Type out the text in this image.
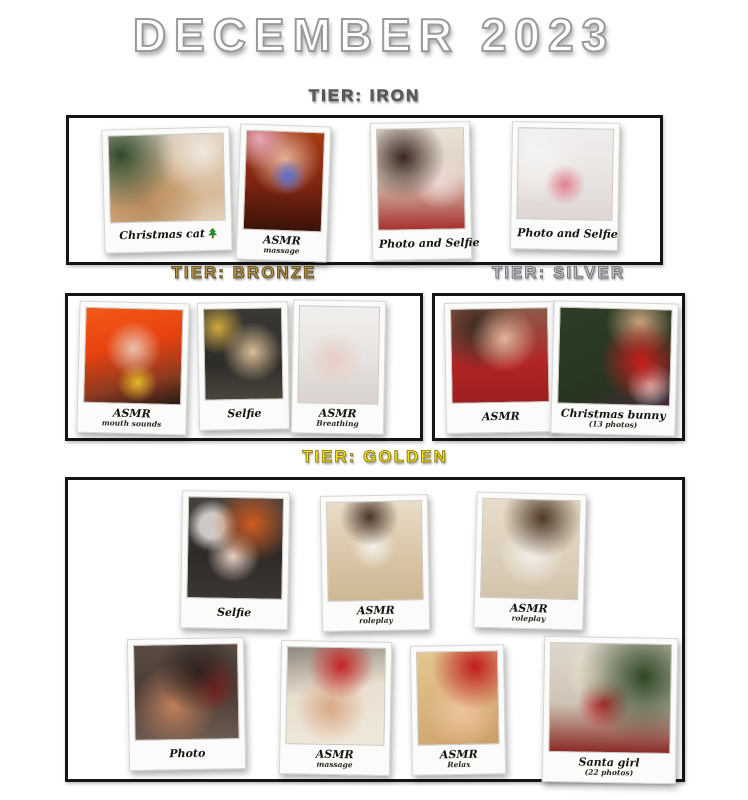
DECEMBER 2023
TIER: IRON
Christmas cat	ASMR
massage	Photo and Selfie
Photo and Selfie
TIER: BRONZE
ASMR
mouth sounds
Selfie	ASMR
Breathing
TIER: SILVER
ASMR	Christmas bunny
(13 photos)
TIER: GOLDEN
Selfie	ASMR
roleplay
ASMR
roleplay
Photo	ASMR
massage
ASMR
Relax	Santa girl
(22 photos)
